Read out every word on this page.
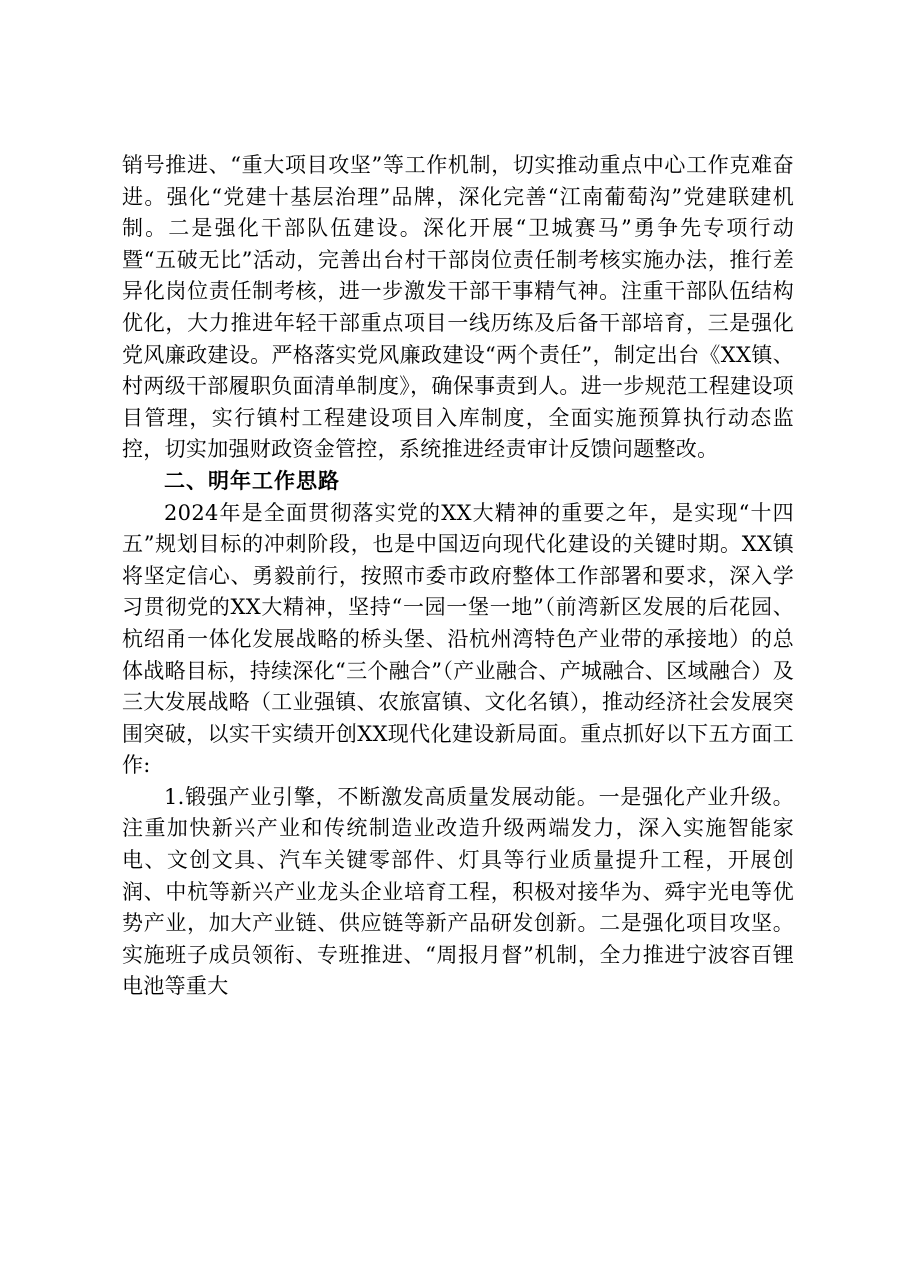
销号推进、“重大项目攻坚”等工作机制，切实推动重点中心工作克难奋进。强化“党建十基层治理”品牌，深化完善“江南葡萄沟”党建联建机制。二是强化干部队伍建设。深化开展“卫城赛马”勇争先专项行动暨“五破无比”活动，完善出台村干部岗位责任制考核实施办法，推行差异化岗位责任制考核，进一步激发干部干事精气神。注重干部队伍结构优化，大力推进年轻干部重点项目一线历练及后备干部培育，三是强化党风廉政建设。严格落实党风廉政建设“两个责任”，制定出台《XX镇、村两级干部履职负面清单制度》，确保事责到人。进一步规范工程建设项目管理，实行镇村工程建设项目入库制度，全面实施预算执行动态监控，切实加强财政资金管控，系统推进经责审计反馈问题整改。

二、明年工作思路

2024年是全面贯彻落实党的XX大精神的重要之年，是实现“十四五”规划目标的冲刺阶段，也是中国迈向现代化建设的关键时期。XX镇将坚定信心、勇毅前行，按照市委市政府整体工作部署和要求，深入学习贯彻党的XX大精神，坚持“一园一堡一地”（前湾新区发展的后花园、杭绍甬一体化发展战略的桥头堡、沿杭州湾特色产业带的承接地）的总体战略目标，持续深化“三个融合”（产业融合、产城融合、区域融合）及三大发展战略（工业强镇、农旅富镇、文化名镇），推动经济社会发展突围突破，以实干实绩开创XX现代化建设新局面。重点抓好以下五方面工作:

1.锻强产业引擎，不断激发高质量发展动能。一是强化产业升级。注重加快新兴产业和传统制造业改造升级两端发力，深入实施智能家电、文创文具、汽车关键零部件、灯具等行业质量提升工程，开展创润、中杭等新兴产业龙头企业培育工程，积极对接华为、舜宇光电等优势产业，加大产业链、供应链等新产品研发创新。二是强化项目攻坚。实施班子成员领衔、专班推进、“周报月督”机制，全力推进宁波容百锂电池等重大
